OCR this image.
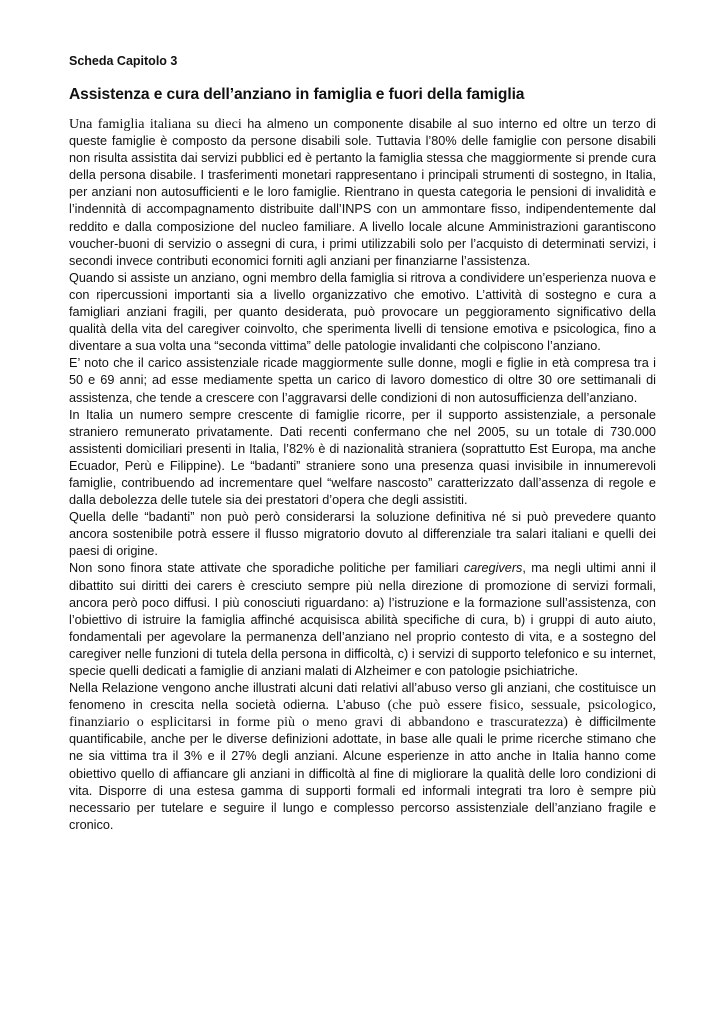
Scheda Capitolo 3
Assistenza e cura dell’anziano in famiglia e fuori della famiglia

Una famiglia italiana su dieci ha almeno un componente disabile al suo interno ed oltre un terzo di queste famiglie è composto da persone disabili sole. Tuttavia l’80% delle famiglie con persone disabili non risulta assistita dai servizi pubblici ed è pertanto la famiglia stessa che maggiormente si prende cura della persona disabile. I trasferimenti monetari rappresentano i principali strumenti di sostegno, in Italia, per anziani non autosufficienti e le loro famiglie. Rientrano in questa categoria le pensioni di invalidità e l’indennità di accompagnamento distribuite dall’INPS con un ammontare fisso, indipendentemente dal reddito e dalla composizione del nucleo familiare. A livello locale alcune Amministrazioni garantiscono voucher-buoni di servizio o assegni di cura, i primi utilizzabili solo per l’acquisto di determinati servizi, i secondi invece contributi economici forniti agli anziani per finanziarne l’assistenza.

Quando si assiste un anziano, ogni membro della famiglia si ritrova a condividere un’esperienza nuova e con ripercussioni importanti sia a livello organizzativo che emotivo. L’attività di sostegno e cura a famigliari anziani fragili, per quanto desiderata, può provocare un peggioramento significativo della qualità della vita del caregiver coinvolto, che sperimenta livelli di tensione emotiva e psicologica, fino a diventare a sua volta una “seconda vittima” delle patologie invalidanti che colpiscono l’anziano.

E’ noto che il carico assistenziale ricade maggiormente sulle donne, mogli e figlie in età compresa tra i 50 e 69 anni; ad esse mediamente spetta un carico di lavoro domestico di oltre 30 ore settimanali di assistenza, che tende a crescere con l’aggravarsi delle condizioni di non autosufficienza dell’anziano.

In Italia un numero sempre crescente di famiglie ricorre, per il supporto assistenziale, a personale straniero remunerato privatamente. Dati recenti confermano che nel 2005, su un totale di 730.000 assistenti domiciliari presenti in Italia, l’82% è di nazionalità straniera (soprattutto Est Europa, ma anche Ecuador, Perù e Filippine). Le “badanti” straniere sono una presenza quasi invisibile in innumerevoli famiglie, contribuendo ad incrementare quel “welfare nascosto” caratterizzato dall’assenza di regole e dalla debolezza delle tutele sia dei prestatori d’opera che degli assistiti.

Quella delle “badanti” non può però considerarsi la soluzione definitiva né si può prevedere quanto ancora sostenibile potrà essere il flusso migratorio dovuto al differenziale tra salari italiani e quelli dei paesi di origine.

Non sono finora state attivate che sporadiche politiche per familiari caregivers, ma negli ultimi anni il dibattito sui diritti dei carers è cresciuto sempre più nella direzione di promozione di servizi formali, ancora però poco diffusi. I più conosciuti riguardano: a) l’istruzione e la formazione sull’assistenza, con l’obiettivo di istruire la famiglia affinché acquisisca abilità specifiche di cura, b) i gruppi di auto aiuto, fondamentali per agevolare la permanenza dell’anziano nel proprio contesto di vita, e a sostegno del caregiver nelle funzioni di tutela della persona in difficoltà, c) i servizi di supporto telefonico e su internet, specie quelli dedicati a famiglie di anziani malati di Alzheimer e con patologie psichiatriche.

Nella Relazione vengono anche illustrati alcuni dati relativi all’abuso verso gli anziani, che costituisce un fenomeno in crescita nella società odierna. L’abuso (che può essere fisico, sessuale, psicologico, finanziario o esplicitarsi in forme più o meno gravi di abbandono e trascuratezza) è difficilmente quantificabile, anche per le diverse definizioni adottate, in base alle quali le prime ricerche stimano che ne sia vittima tra il 3% e il 27% degli anziani. Alcune esperienze in atto anche in Italia hanno come obiettivo quello di affiancare gli anziani in difficoltà al fine di migliorare la qualità delle loro condizioni di vita. Disporre di una estesa gamma di supporti formali ed informali integrati tra loro è sempre più necessario per tutelare e seguire il lungo e complesso percorso assistenziale dell’anziano fragile e cronico.
